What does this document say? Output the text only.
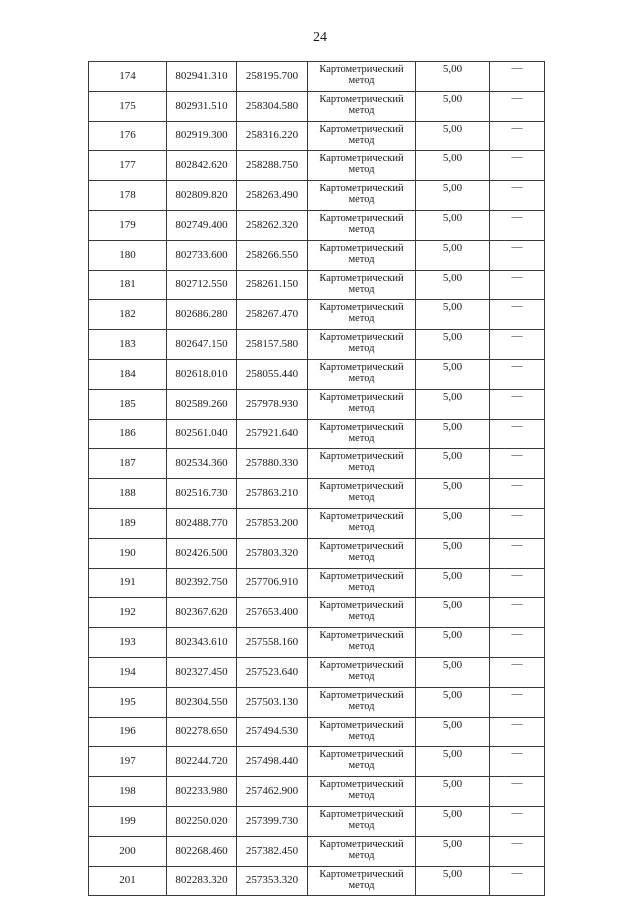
24
174	802941.310	258195.700	Картометрический метод	5,00	—
175	802931.510	258304.580	Картометрический метод	5,00	—
176	802919.300	258316.220	Картометрический метод	5,00	—
177	802842.620	258288.750	Картометрический метод	5,00	—
178	802809.820	258263.490	Картометрический метод	5,00	—
179	802749.400	258262.320	Картометрический метод	5,00	—
180	802733.600	258266.550	Картометрический метод	5,00	—
181	802712.550	258261.150	Картометрический метод	5,00	—
182	802686.280	258267.470	Картометрический метод	5,00	—
183	802647.150	258157.580	Картометрический метод	5,00	—
184	802618.010	258055.440	Картометрический метод	5,00	—
185	802589.260	257978.930	Картометрический метод	5,00	—
186	802561.040	257921.640	Картометрический метод	5,00	—
187	802534.360	257880.330	Картометрический метод	5,00	—
188	802516.730	257863.210	Картометрический метод	5,00	—
189	802488.770	257853.200	Картометрический метод	5,00	—
190	802426.500	257803.320	Картометрический метод	5,00	—
191	802392.750	257706.910	Картометрический метод	5,00	—
192	802367.620	257653.400	Картометрический метод	5,00	—
193	802343.610	257558.160	Картометрический метод	5,00	—
194	802327.450	257523.640	Картометрический метод	5,00	—
195	802304.550	257503.130	Картометрический метод	5,00	—
196	802278.650	257494.530	Картометрический метод	5,00	—
197	802244.720	257498.440	Картометрический метод	5,00	—
198	802233.980	257462.900	Картометрический метод	5,00	—
199	802250.020	257399.730	Картометрический метод	5,00	—
200	802268.460	257382.450	Картометрический метод	5,00	—
201	802283.320	257353.320	Картометрический метод	5,00	—
